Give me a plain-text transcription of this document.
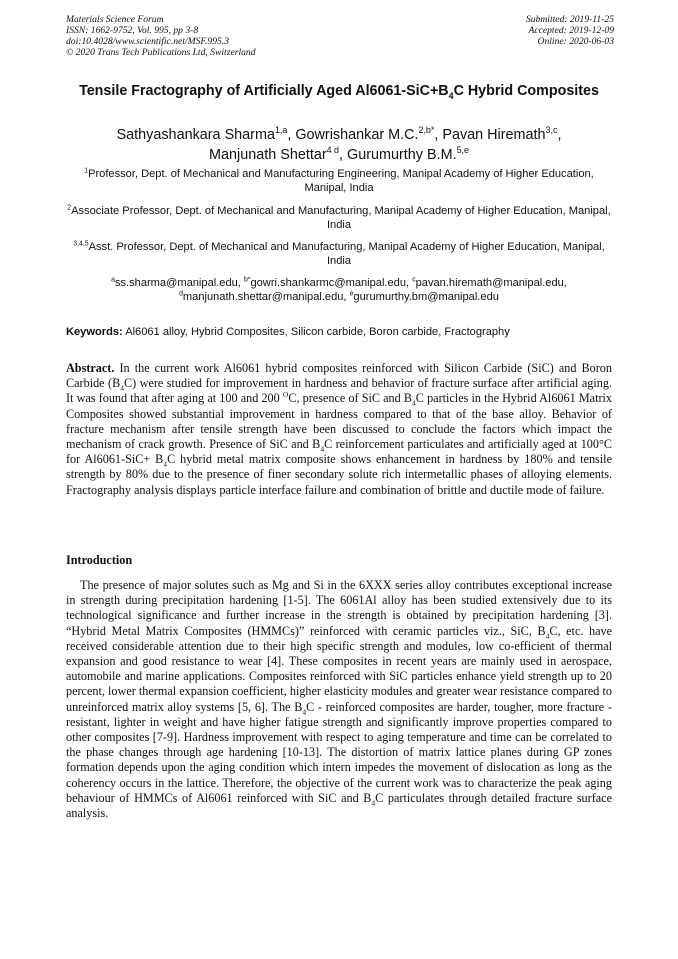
Materials Science Forum
ISSN: 1662-9752, Vol. 995, pp 3-8
doi:10.4028/www.scientific.net/MSF.995.3
© 2020 Trans Tech Publications Ltd, Switzerland
Submitted: 2019-11-25
Accepted: 2019-12-09
Online: 2020-06-03
Tensile Fractography of Artificially Aged $Al6061-SiC+B_4C$ Hybrid Composites
Sathyashankara Sharma$^{1,a}$, Gowrishankar M.C.$^{2,b*}$, Pavan Hiremath$^{3,c}$,
Manjunath Shettar$^{4 d}$, Gurumurthy B.M.$^{5,e}$
$^1$Professor, Dept. of Mechanical and Manufacturing Engineering, Manipal Academy of Higher Education, Manipal, India
$^2$Associate Professor, Dept. of Mechanical and Manufacturing, Manipal Academy of Higher Education, Manipal, India
$^{3,4,5}$Asst. Professor, Dept. of Mechanical and Manufacturing, Manipal Academy of Higher Education, Manipal, India
$^a$ss.sharma@manipal.edu, $^{b*}$gowri.shankarmc@manipal.edu, $^c$pavan.hiremath@manipal.edu,
$^d$manjunath.shettar@manipal.edu, $^e$gurumurthy.bm@manipal.edu
Keywords: Al6061 alloy, Hybrid Composites, Silicon carbide, Boron carbide, Fractography
Abstract. In the current work Al6061 hybrid composites reinforced with Silicon Carbide (SiC) and Boron Carbide $(B_4C)$ were studied for improvement in hardness and behavior of fracture surface after artificial aging. It was found that after aging at 100 and 200 $^O$C, presence of SiC and $B_4C$ particles in the Hybrid Al6061 Matrix Composites showed substantial improvement in hardness compared to that of the base alloy. Behavior of fracture mechanism after tensile strength have been discussed to conclude the factors which impact the mechanism of crack growth. Presence of SiC and $B_4C$ reinforcement particulates and artificially aged at 100°C for $Al6061-SiC+ B_4C$ hybrid metal matrix composite shows enhancement in hardness by 180% and tensile strength by 80% due to the presence of finer secondary solute rich intermetallic phases of alloying elements. Fractography analysis displays particle interface failure and combination of brittle and ductile mode of failure.
Introduction
The presence of major solutes such as Mg and Si in the 6XXX series alloy contributes exceptional increase in strength during precipitation hardening [1-5]. The 6061Al alloy has been studied extensively due to its technological significance and further increase in the strength is obtained by precipitation hardening [3]. “Hybrid Metal Matrix Composites (HMMCs)” reinforced with ceramic particles viz., SiC, $B_4C$, etc. have received considerable attention due to their high specific strength and modules, low co-efficient of thermal expansion and good resistance to wear [4]. These composites in recent years are mainly used in aerospace, automobile and marine applications. Composites reinforced with SiC particles enhance yield strength up to 20 percent, lower thermal expansion coefficient, higher elasticity modules and greater wear resistance compared to unreinforced matrix alloy systems [5, 6]. The $B_4C$ - reinforced composites are harder, tougher, more fracture - resistant, lighter in weight and have higher fatigue strength and significantly improve properties compared to other composites [7-9]. Hardness improvement with respect to aging temperature and time can be correlated to the phase changes through age hardening [10-13]. The distortion of matrix lattice planes during GP zones formation depends upon the aging condition which intern impedes the movement of dislocation as long as the coherency occurs in the lattice. Therefore, the objective of the current work was to characterize the peak aging behaviour of HMMCs of Al6061 reinforced with SiC and $B_4C$ particulates through detailed fracture surface analysis.
